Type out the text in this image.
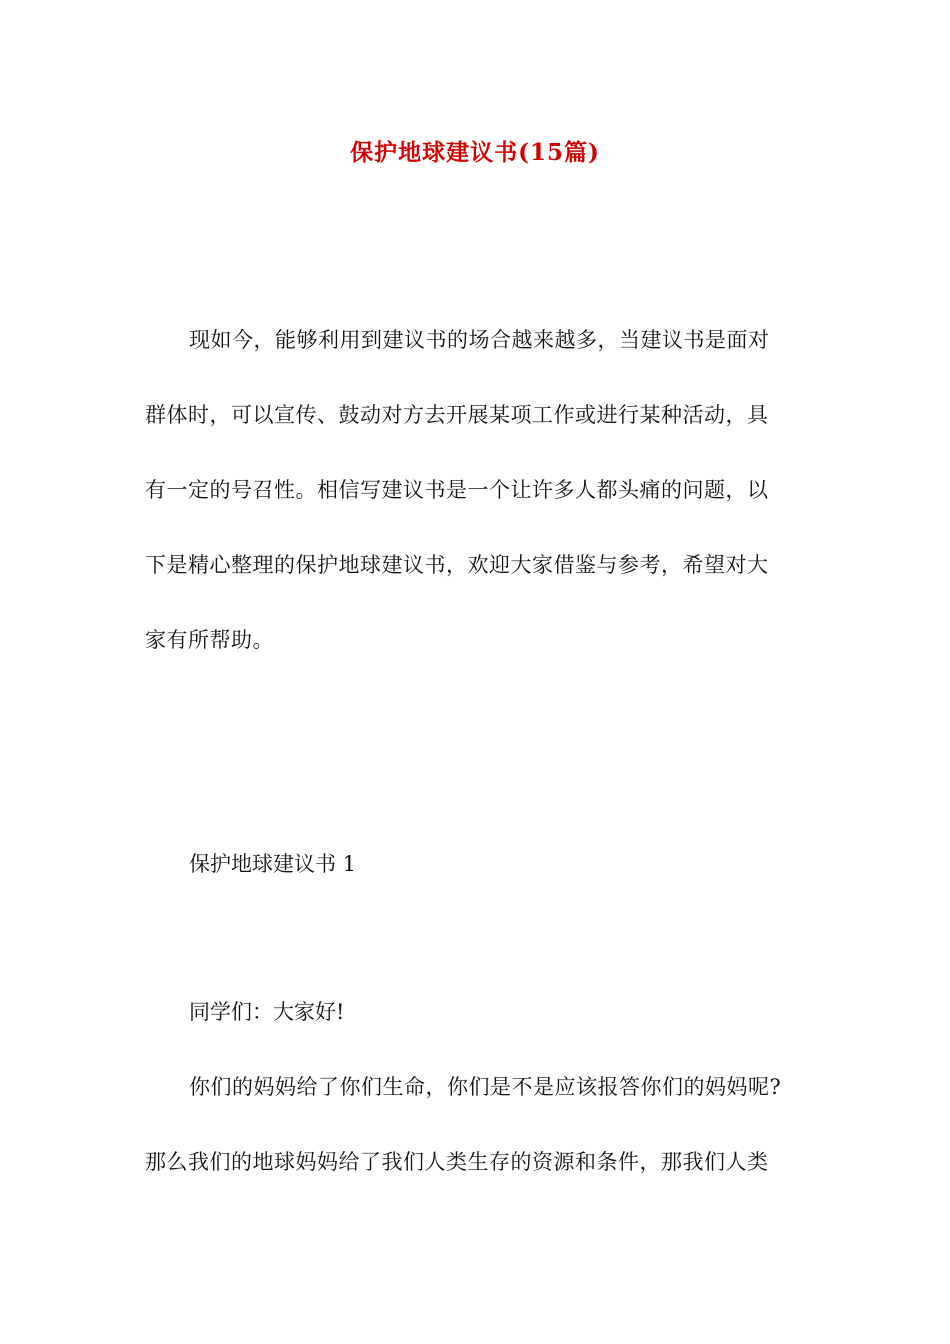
保护地球建议书(15篇)
现如今，能够利用到建议书的场合越来越多，当建议书是面对
群体时，可以宣传、鼓动对方去开展某项工作或进行某种活动，具
有一定的号召性。相信写建议书是一个让许多人都头痛的问题，以
下是精心整理的保护地球建议书，欢迎大家借鉴与参考，希望对大
家有所帮助。
保护地球建议书 1
同学们：大家好!
你们的妈妈给了你们生命，你们是不是应该报答你们的妈妈呢?
那么我们的地球妈妈给了我们人类生存的资源和条件，那我们人类
